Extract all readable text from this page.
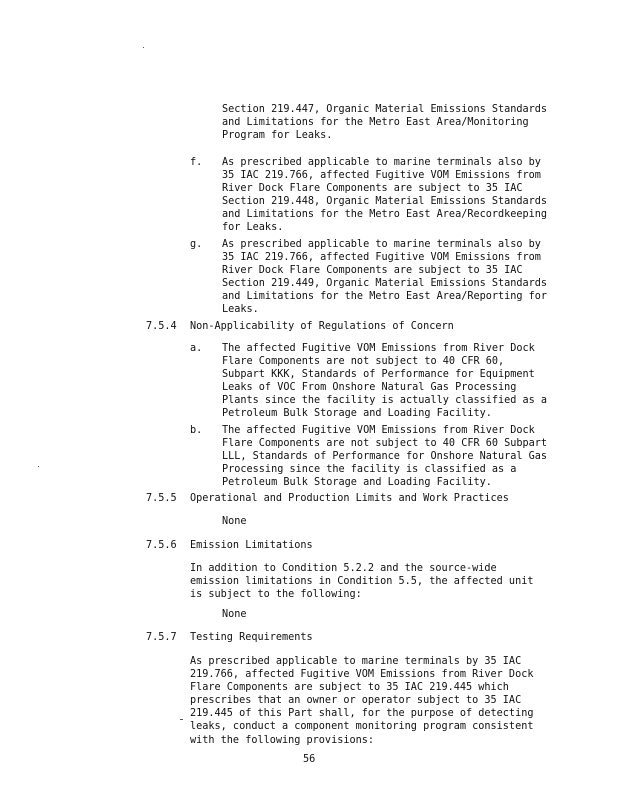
Section 219.447, Organic Material Emissions Standards
and Limitations for the Metro East Area/Monitoring
Program for Leaks.

f. As prescribed applicable to marine terminals also by
35 IAC 219.766, affected Fugitive VOM Emissions from
River Dock Flare Components are subject to 35 IAC
Section 219.448, Organic Material Emissions Standards
and Limitations for the Metro East Area/Recordkeeping
for Leaks.

g. As prescribed applicable to marine terminals also by
35 IAC 219.766, affected Fugitive VOM Emissions from
River Dock Flare Components are subject to 35 IAC
Section 219.449, Organic Material Emissions Standards
and Limitations for the Metro East Area/Reporting for
Leaks.

7.5.4 Non-Applicability of Regulations of Concern

a. The affected Fugitive VOM Emissions from River Dock
Flare Components are not subject to 40 CFR 60,
Subpart KKK, Standards of Performance for Equipment
Leaks of VOC From Onshore Natural Gas Processing
Plants since the facility is actually classified as a
Petroleum Bulk Storage and Loading Facility.

b. The affected Fugitive VOM Emissions from River Dock
Flare Components are not subject to 40 CFR 60 Subpart
LLL, Standards of Performance for Onshore Natural Gas
Processing since the facility is classified as a
Petroleum Bulk Storage and Loading Facility.

7.5.5 Operational and Production Limits and Work Practices

None

7.5.6 Emission Limitations

In addition to Condition 5.2.2 and the source-wide
emission limitations in Condition 5.5, the affected unit
is subject to the following:

None

7.5.7 Testing Requirements

As prescribed applicable to marine terminals by 35 IAC
219.766, affected Fugitive VOM Emissions from River Dock
Flare Components are subject to 35 IAC 219.445 which
prescribes that an owner or operator subject to 35 IAC
219.445 of this Part shall, for the purpose of detecting
leaks, conduct a component monitoring program consistent
with the following provisions:

56
